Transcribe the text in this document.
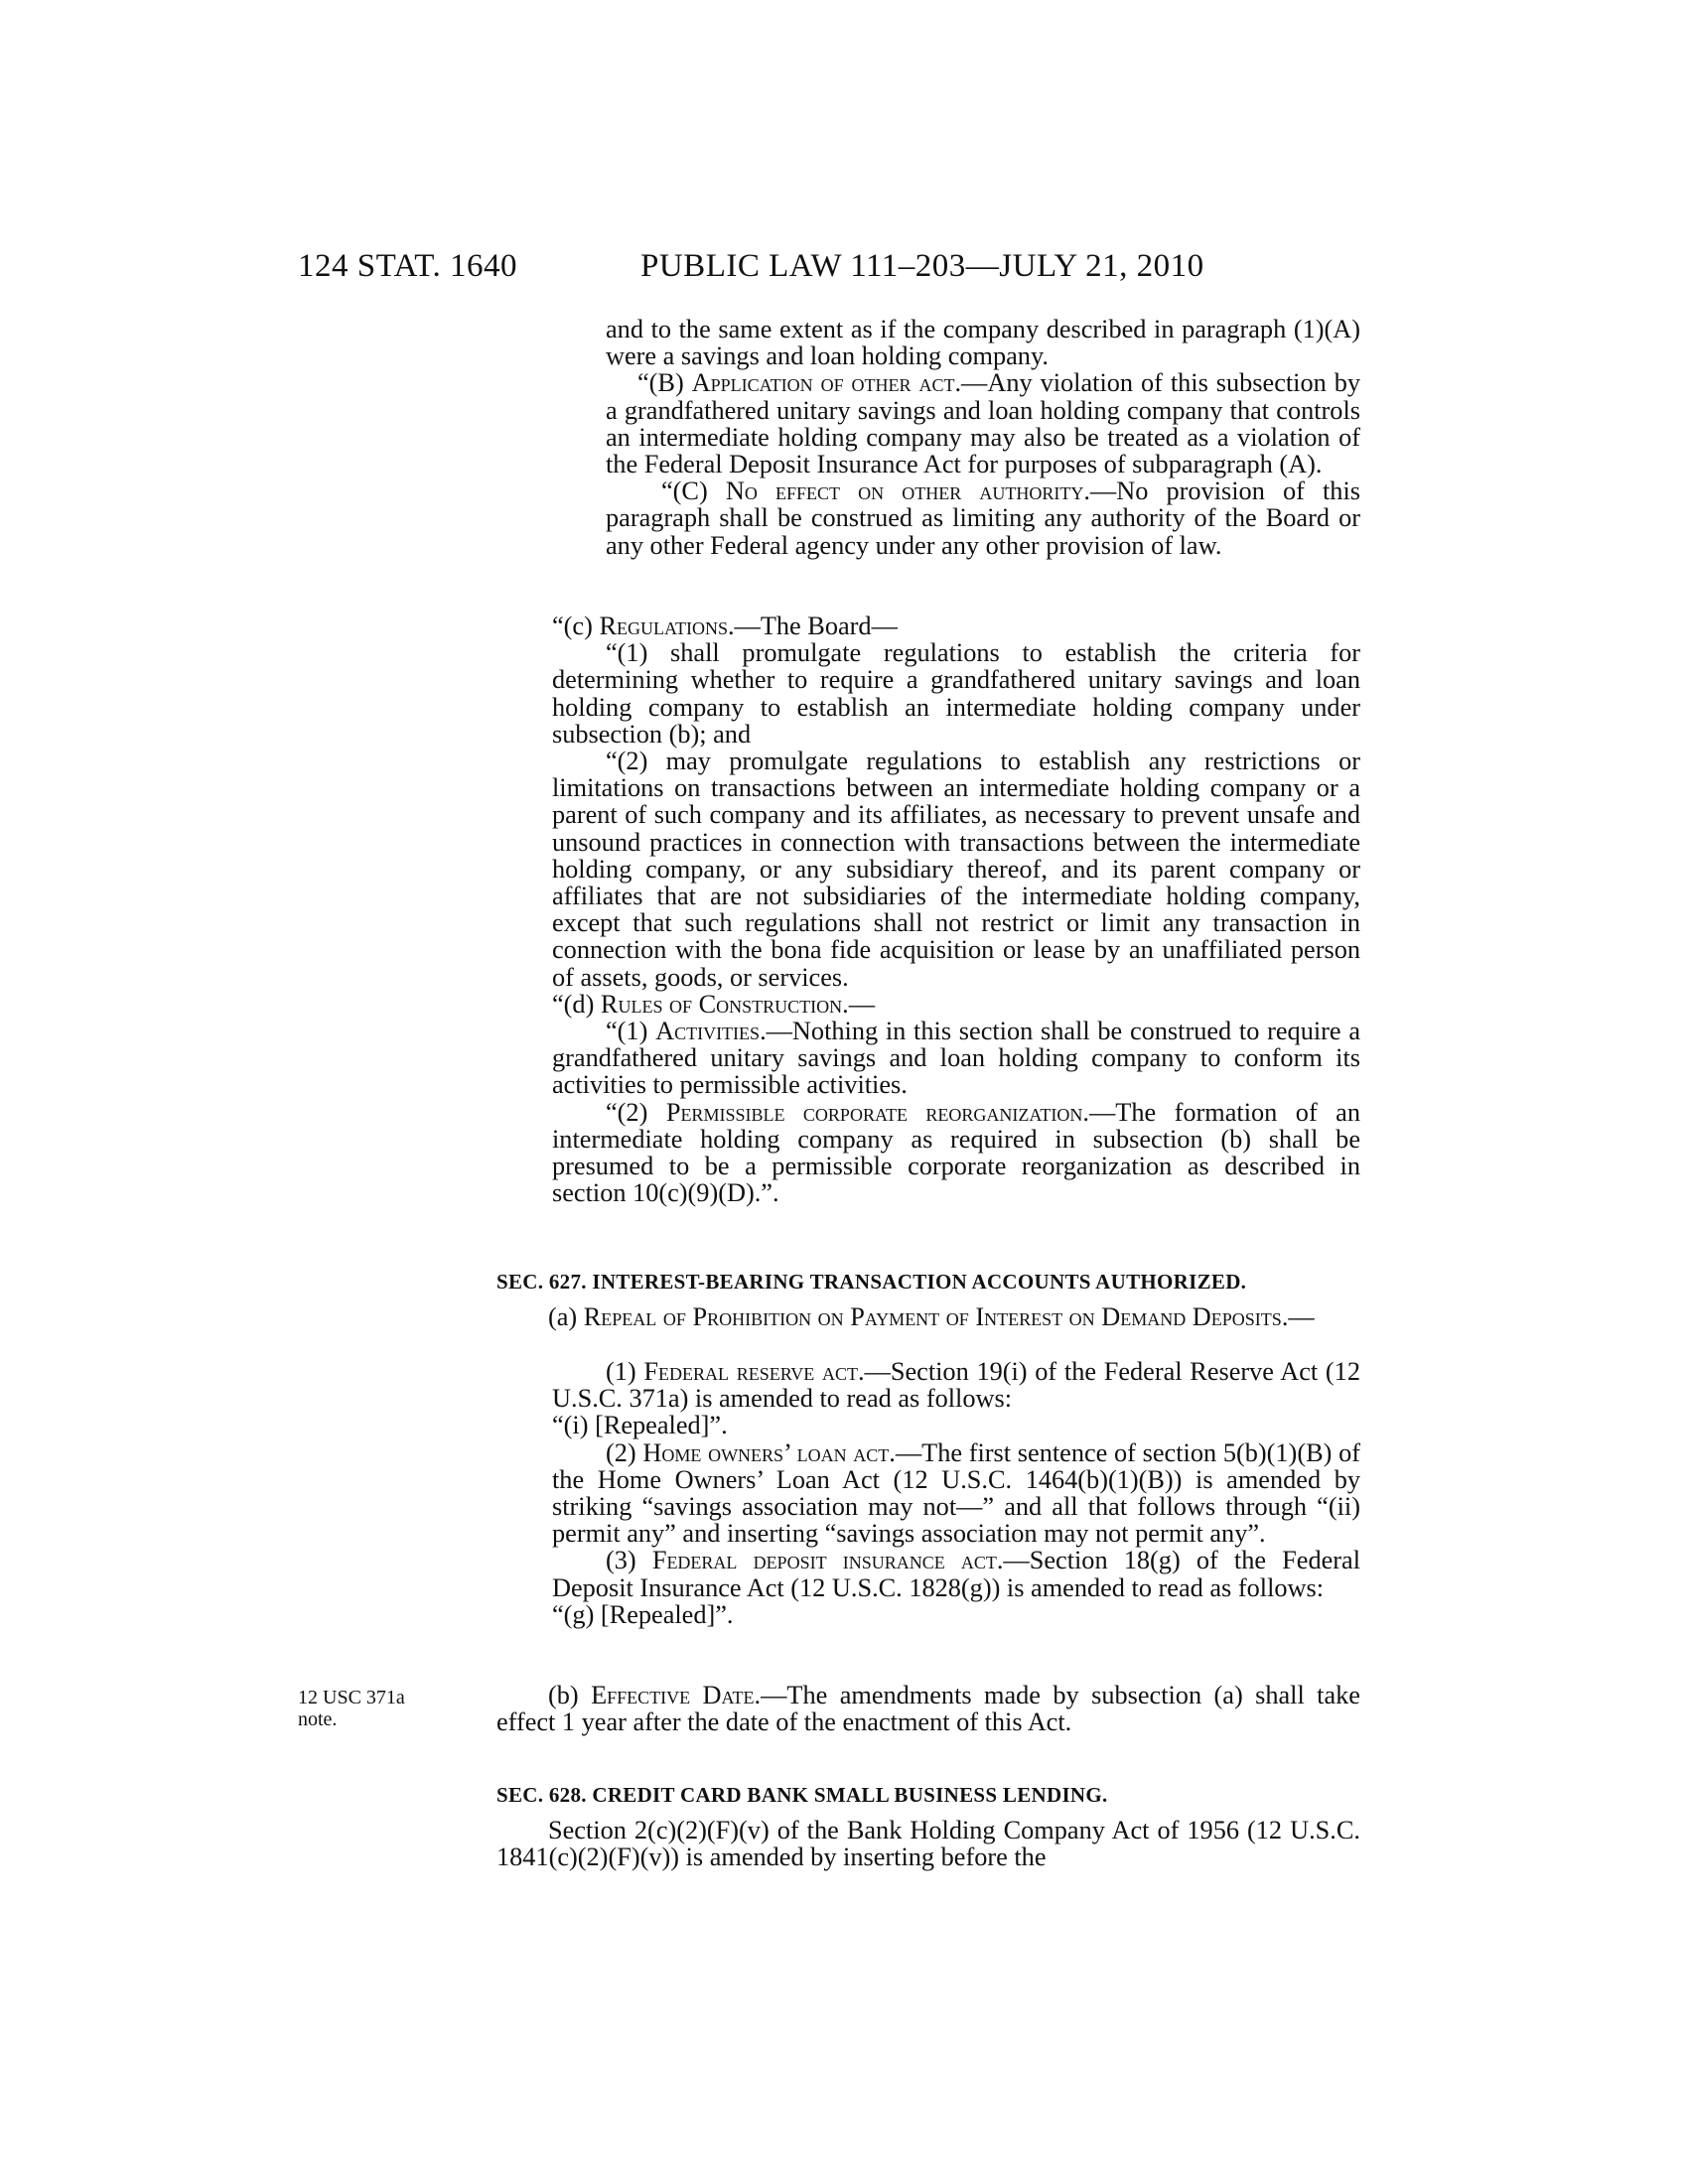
124 STAT. 1640	PUBLIC LAW 111–203—JULY 21, 2010

and to the same extent as if the company described in paragraph (1)(A) were a savings and loan holding company.

“(B) Application of other act.—Any violation of this subsection by a grandfathered unitary savings and loan holding company that controls an intermediate holding company may also be treated as a violation of the Federal Deposit Insurance Act for purposes of subparagraph (A).

“(C) No effect on other authority.—No provision of this paragraph shall be construed as limiting any authority of the Board or any other Federal agency under any other provision of law.

“(c) Regulations.—The Board—

“(1) shall promulgate regulations to establish the criteria for determining whether to require a grandfathered unitary savings and loan holding company to establish an intermediate holding company under subsection (b); and

“(2) may promulgate regulations to establish any restrictions or limitations on transactions between an intermediate holding company or a parent of such company and its affiliates, as necessary to prevent unsafe and unsound practices in connection with transactions between the intermediate holding company, or any subsidiary thereof, and its parent company or affiliates that are not subsidiaries of the intermediate holding company, except that such regulations shall not restrict or limit any transaction in connection with the bona fide acquisition or lease by an unaffiliated person of assets, goods, or services.

“(d) Rules of Construction.—

“(1) Activities.—Nothing in this section shall be construed to require a grandfathered unitary savings and loan holding company to conform its activities to permissible activities.

“(2) Permissible corporate reorganization.—The formation of an intermediate holding company as required in subsection (b) shall be presumed to be a permissible corporate reorganization as described in section 10(c)(9)(D).”.

SEC. 627. INTEREST-BEARING TRANSACTION ACCOUNTS AUTHORIZED.

(a) Repeal of Prohibition on Payment of Interest on Demand Deposits.—

(1) Federal reserve act.—Section 19(i) of the Federal Reserve Act (12 U.S.C. 371a) is amended to read as follows:

“(i) [Repealed]”.

(2) Home owners’ loan act.—The first sentence of section 5(b)(1)(B) of the Home Owners’ Loan Act (12 U.S.C. 1464(b)(1)(B)) is amended by striking “savings association may not—” and all that follows through “(ii) permit any” and inserting “savings association may not permit any”.

(3) Federal deposit insurance act.—Section 18(g) of the Federal Deposit Insurance Act (12 U.S.C. 1828(g)) is amended to read as follows:

“(g) [Repealed]”.

12 USC 371a
note.

(b) Effective Date.—The amendments made by subsection (a) shall take effect 1 year after the date of the enactment of this Act.

SEC. 628. CREDIT CARD BANK SMALL BUSINESS LENDING.

Section 2(c)(2)(F)(v) of the Bank Holding Company Act of 1956 (12 U.S.C. 1841(c)(2)(F)(v)) is amended by inserting before the
